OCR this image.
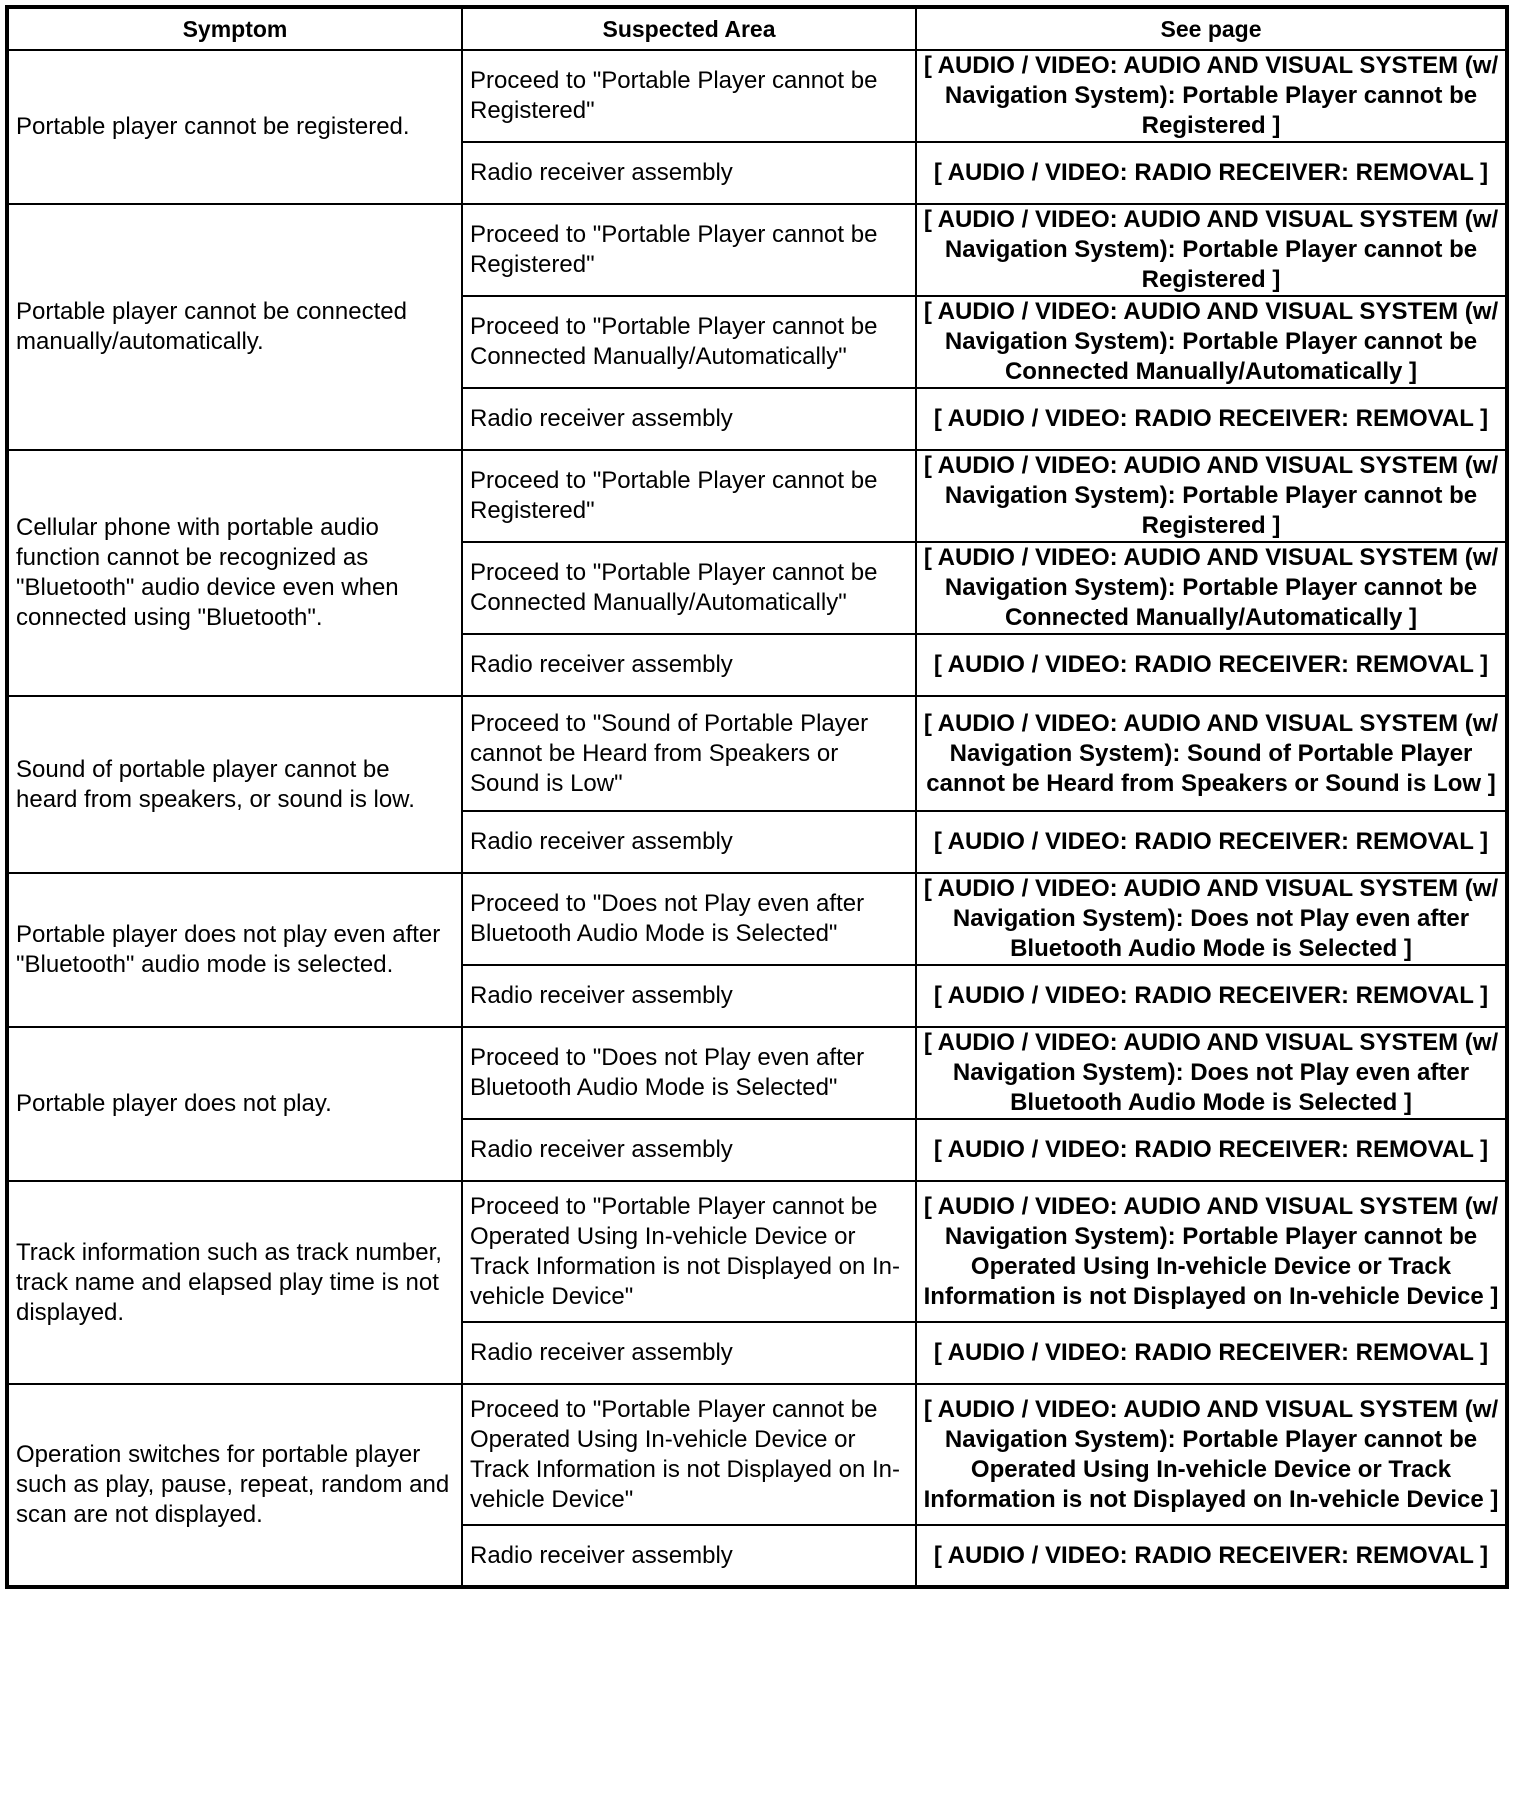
Symptom	Suspected Area	See page
Portable player cannot be registered.	Proceed to "Portable Player cannot be Registered"	[ AUDIO / VIDEO: AUDIO AND VISUAL SYSTEM (w/ Navigation System): Portable Player cannot be Registered ]
	Radio receiver assembly	[ AUDIO / VIDEO: RADIO RECEIVER: REMOVAL ]
Portable player cannot be connected manually/automatically.	Proceed to "Portable Player cannot be Registered"	[ AUDIO / VIDEO: AUDIO AND VISUAL SYSTEM (w/ Navigation System): Portable Player cannot be Registered ]
	Proceed to "Portable Player cannot be Connected Manually/Automatically"	[ AUDIO / VIDEO: AUDIO AND VISUAL SYSTEM (w/ Navigation System): Portable Player cannot be Connected Manually/Automatically ]
	Radio receiver assembly	[ AUDIO / VIDEO: RADIO RECEIVER: REMOVAL ]
Cellular phone with portable audio function cannot be recognized as "Bluetooth" audio device even when connected using "Bluetooth".	Proceed to "Portable Player cannot be Registered"	[ AUDIO / VIDEO: AUDIO AND VISUAL SYSTEM (w/ Navigation System): Portable Player cannot be Registered ]
	Proceed to "Portable Player cannot be Connected Manually/Automatically"	[ AUDIO / VIDEO: AUDIO AND VISUAL SYSTEM (w/ Navigation System): Portable Player cannot be Connected Manually/Automatically ]
	Radio receiver assembly	[ AUDIO / VIDEO: RADIO RECEIVER: REMOVAL ]
Sound of portable player cannot be heard from speakers, or sound is low.	Proceed to "Sound of Portable Player cannot be Heard from Speakers or Sound is Low"	[ AUDIO / VIDEO: AUDIO AND VISUAL SYSTEM (w/ Navigation System): Sound of Portable Player cannot be Heard from Speakers or Sound is Low ]
	Radio receiver assembly	[ AUDIO / VIDEO: RADIO RECEIVER: REMOVAL ]
Portable player does not play even after "Bluetooth" audio mode is selected.	Proceed to "Does not Play even after Bluetooth Audio Mode is Selected"	[ AUDIO / VIDEO: AUDIO AND VISUAL SYSTEM (w/ Navigation System): Does not Play even after Bluetooth Audio Mode is Selected ]
	Radio receiver assembly	[ AUDIO / VIDEO: RADIO RECEIVER: REMOVAL ]
Portable player does not play.	Proceed to "Does not Play even after Bluetooth Audio Mode is Selected"	[ AUDIO / VIDEO: AUDIO AND VISUAL SYSTEM (w/ Navigation System): Does not Play even after Bluetooth Audio Mode is Selected ]
	Radio receiver assembly	[ AUDIO / VIDEO: RADIO RECEIVER: REMOVAL ]
Track information such as track number, track name and elapsed play time is not displayed.	Proceed to "Portable Player cannot be Operated Using In-vehicle Device or Track Information is not Displayed on In-vehicle Device"	[ AUDIO / VIDEO: AUDIO AND VISUAL SYSTEM (w/ Navigation System): Portable Player cannot be Operated Using In-vehicle Device or Track Information is not Displayed on In-vehicle Device ]
	Radio receiver assembly	[ AUDIO / VIDEO: RADIO RECEIVER: REMOVAL ]
Operation switches for portable player such as play, pause, repeat, random and scan are not displayed.	Proceed to "Portable Player cannot be Operated Using In-vehicle Device or Track Information is not Displayed on In-vehicle Device"	[ AUDIO / VIDEO: AUDIO AND VISUAL SYSTEM (w/ Navigation System): Portable Player cannot be Operated Using In-vehicle Device or Track Information is not Displayed on In-vehicle Device ]
	Radio receiver assembly	[ AUDIO / VIDEO: RADIO RECEIVER: REMOVAL ]
